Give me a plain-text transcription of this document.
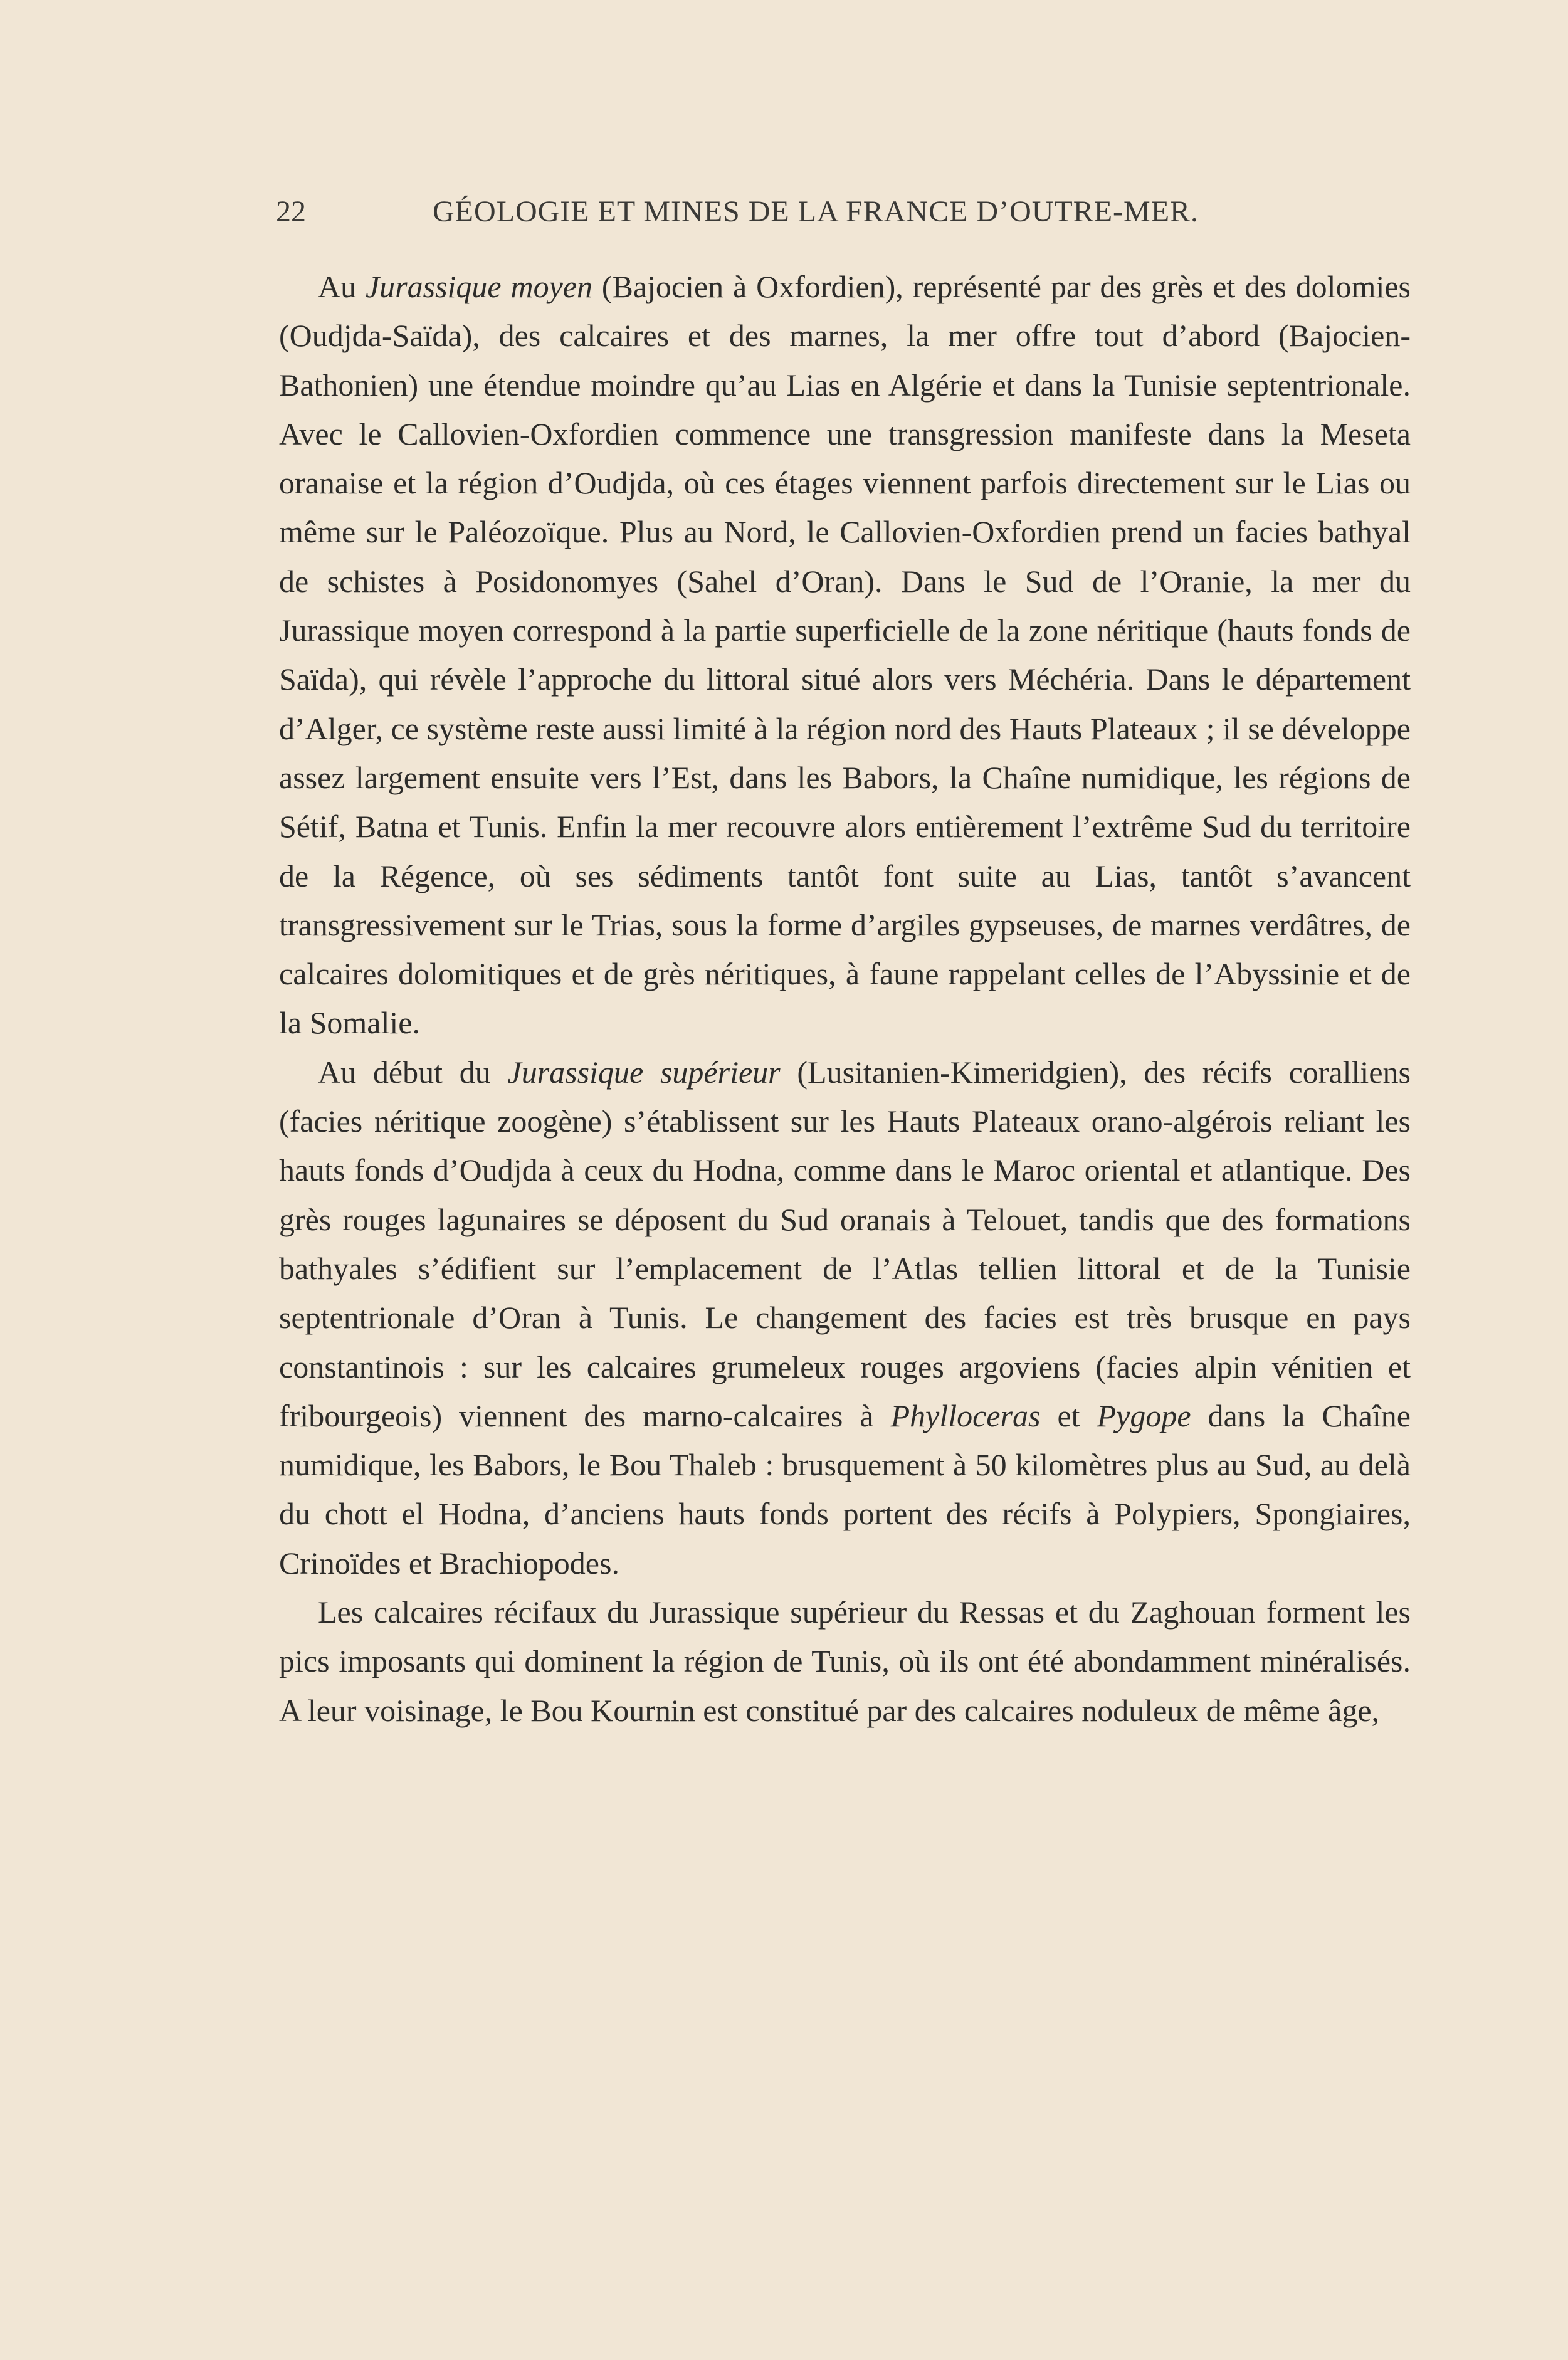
22	GÉOLOGIE ET MINES DE LA FRANCE D’OUTRE-MER.

Au Jurassique moyen (Bajocien à Oxfordien), représenté par des grès et des dolomies (Oudjda-Saïda), des calcaires et des marnes, la mer offre tout d’abord (Bajocien-Bathonien) une étendue moindre qu’au Lias en Algérie et dans la Tunisie septentrionale. Avec le Callovien-Oxfordien commence une transgression manifeste dans la Meseta oranaise et la région d’Oudjda, où ces étages viennent parfois directement sur le Lias ou même sur le Paléozoïque. Plus au Nord, le Callovien-Oxfordien prend un facies bathyal de schistes à Posidonomyes (Sahel d’Oran). Dans le Sud de l’Oranie, la mer du Jurassique moyen correspond à la partie superficielle de la zone néritique (hauts fonds de Saïda), qui révèle l’approche du littoral situé alors vers Méchéria. Dans le département d’Alger, ce système reste aussi limité à la région nord des Hauts Plateaux ; il se développe assez largement ensuite vers l’Est, dans les Babors, la Chaîne numidique, les régions de Sétif, Batna et Tunis. Enfin la mer recouvre alors entièrement l’extrême Sud du territoire de la Régence, où ses sédiments tantôt font suite au Lias, tantôt s’avancent transgressivement sur le Trias, sous la forme d’argiles gypseuses, de marnes verdâtres, de calcaires dolomitiques et de grès néritiques, à faune rappelant celles de l’Abyssinie et de la Somalie.

Au début du Jurassique supérieur (Lusitanien-Kimeridgien), des récifs coralliens (facies néritique zoogène) s’établissent sur les Hauts Plateaux orano-algérois reliant les hauts fonds d’Oudjda à ceux du Hodna, comme dans le Maroc oriental et atlantique. Des grès rouges lagunaires se déposent du Sud oranais à Telouet, tandis que des formations bathyales s’édifient sur l’emplacement de l’Atlas tellien littoral et de la Tunisie septentrionale d’Oran à Tunis. Le changement des facies est très brusque en pays constantinois : sur les calcaires grumeleux rouges argoviens (facies alpin vénitien et fribourgeois) viennent des marno-calcaires à Phylloceras et Pygope dans la Chaîne numidique, les Babors, le Bou Thaleb : brusquement à 50 kilomètres plus au Sud, au delà du chott el Hodna, d’anciens hauts fonds portent des récifs à Polypiers, Spongiaires, Crinoïdes et Brachiopodes.

Les calcaires récifaux du Jurassique supérieur du Ressas et du Zaghouan forment les pics imposants qui dominent la région de Tunis, où ils ont été abondamment minéralisés. A leur voisinage, le Bou Kournin est constitué par des calcaires noduleux de même âge,
